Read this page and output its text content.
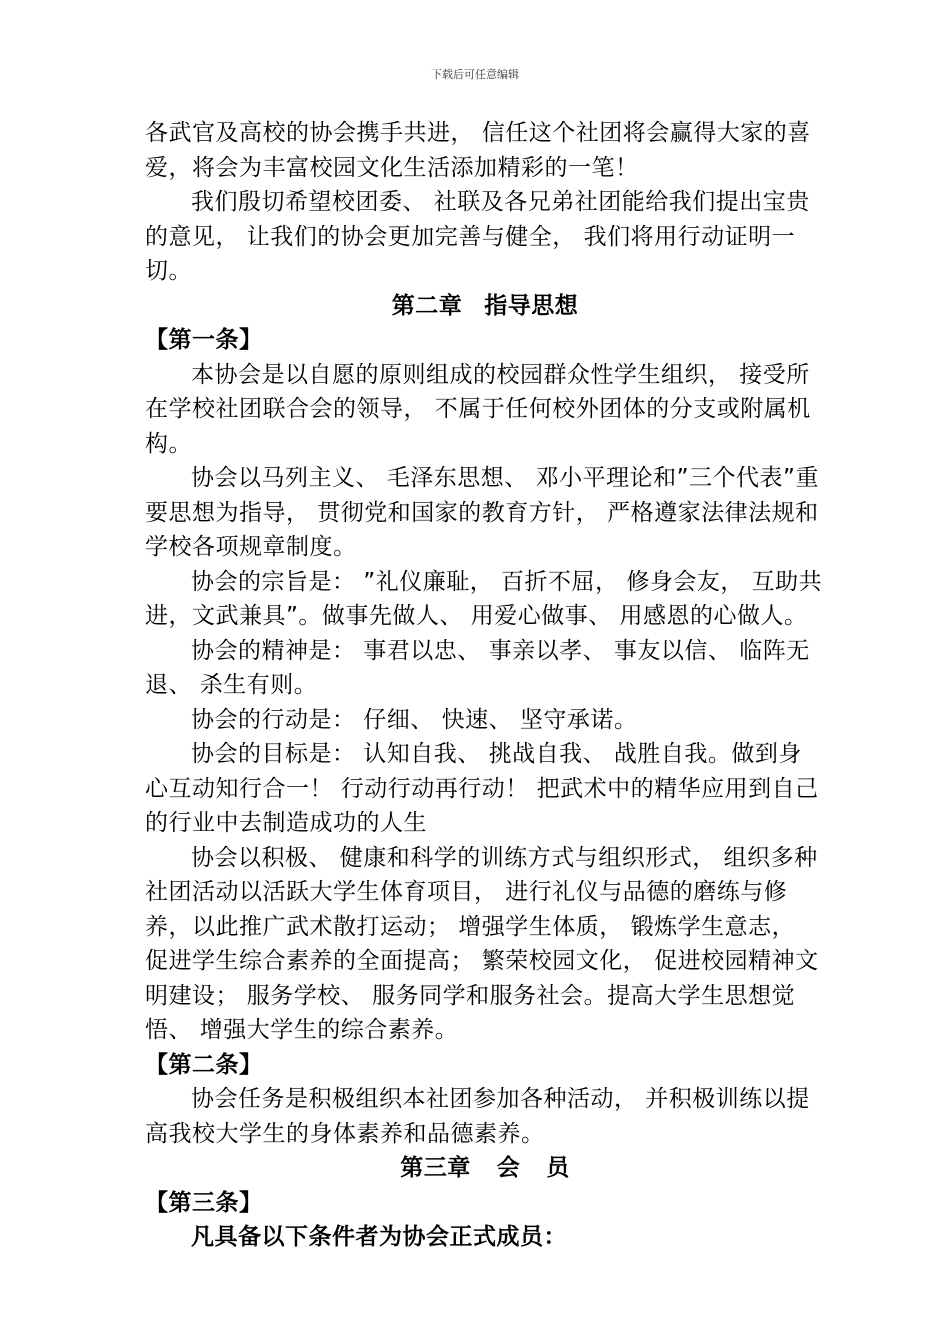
下载后可任意编辑

各武官及高校的协会携手共进， 信任这个社团将会赢得大家的喜爱，将会为丰富校园文化生活添加精彩的一笔！

我们殷切希望校团委、 社联及各兄弟社团能给我们提出宝贵的意见， 让我们的协会更加完善与健全， 我们将用行动证明一切。

第二章 指导思想

【第一条】

本协会是以自愿的原则组成的校园群众性学生组织， 接受所在学校社团联合会的领导， 不属于任何校外团体的分支或附属机构。

协会以马列主义、 毛泽东思想、 邓小平理论和”三个代表”重要思想为指导， 贯彻党和国家的教育方针， 严格遵家法律法规和学校各项规章制度。

协会的宗旨是： ”礼仪廉耻， 百折不屈， 修身会友， 互助共进，文武兼具”。做事先做人、 用爱心做事、 用感恩的心做人。

协会的精神是： 事君以忠、 事亲以孝、 事友以信、 临阵无退、 杀生有则。

协会的行动是： 仔细、 快速、 坚守承诺。

协会的目标是： 认知自我、 挑战自我、 战胜自我。做到身心互动知行合一！ 行动行动再行动！ 把武术中的精华应用到自己的行业中去制造成功的人生

协会以积极、 健康和科学的训练方式与组织形式， 组织多种社团活动以活跃大学生体育项目， 进行礼仪与品德的磨练与修养，以此推广武术散打运动； 增强学生体质， 锻炼学生意志， 促进学生综合素养的全面提高； 繁荣校园文化， 促进校园精神文明建设； 服务学校、 服务同学和服务社会。提高大学生思想觉悟、 增强大学生的综合素养。

【第二条】

协会任务是积极组织本社团参加各种活动， 并积极训练以提高我校大学生的身体素养和品德素养。

第三章 会 员

【第三条】

凡具备以下条件者为协会正式成员：
